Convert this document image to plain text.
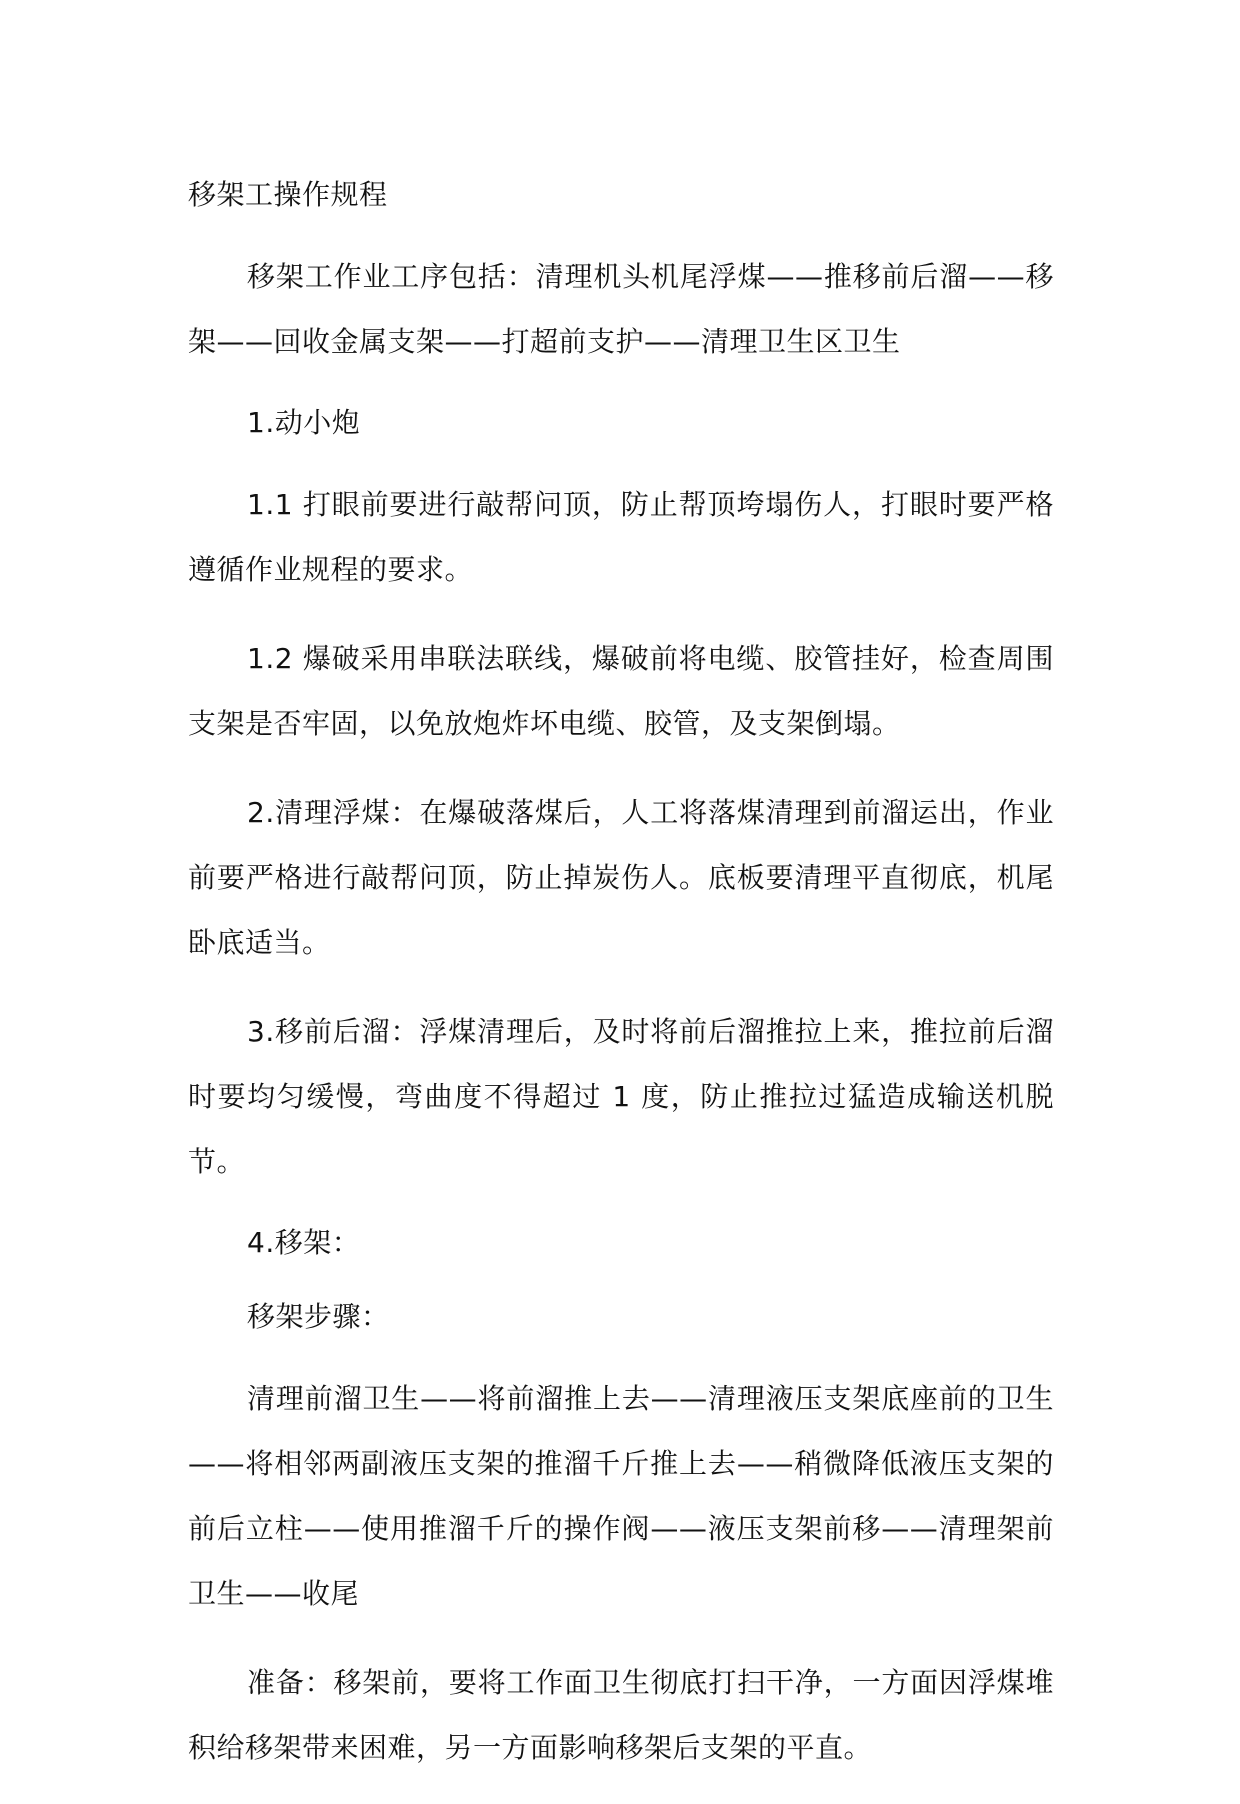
移架工操作规程

移架工作业工序包括：清理机头机尾浮煤——推移前后溜——移架——回收金属支架——打超前支护——清理卫生区卫生

1.动小炮

1.1 打眼前要进行敲帮问顶，防止帮顶垮塌伤人，打眼时要严格遵循作业规程的要求。

1.2 爆破采用串联法联线，爆破前将电缆、胶管挂好，检查周围支架是否牢固，以免放炮炸坏电缆、胶管，及支架倒塌。

2.清理浮煤：在爆破落煤后，人工将落煤清理到前溜运出，作业前要严格进行敲帮问顶，防止掉炭伤人。底板要清理平直彻底，机尾卧底适当。

3.移前后溜：浮煤清理后，及时将前后溜推拉上来，推拉前后溜时要均匀缓慢，弯曲度不得超过 1 度，防止推拉过猛造成输送机脱节。

4.移架：

移架步骤：

清理前溜卫生——将前溜推上去——清理液压支架底座前的卫生——将相邻两副液压支架的推溜千斤推上去——稍微降低液压支架的前后立柱——使用推溜千斤的操作阀——液压支架前移——清理架前卫生——收尾

准备：移架前，要将工作面卫生彻底打扫干净，一方面因浮煤堆积给移架带来困难，另一方面影响移架后支架的平直。
